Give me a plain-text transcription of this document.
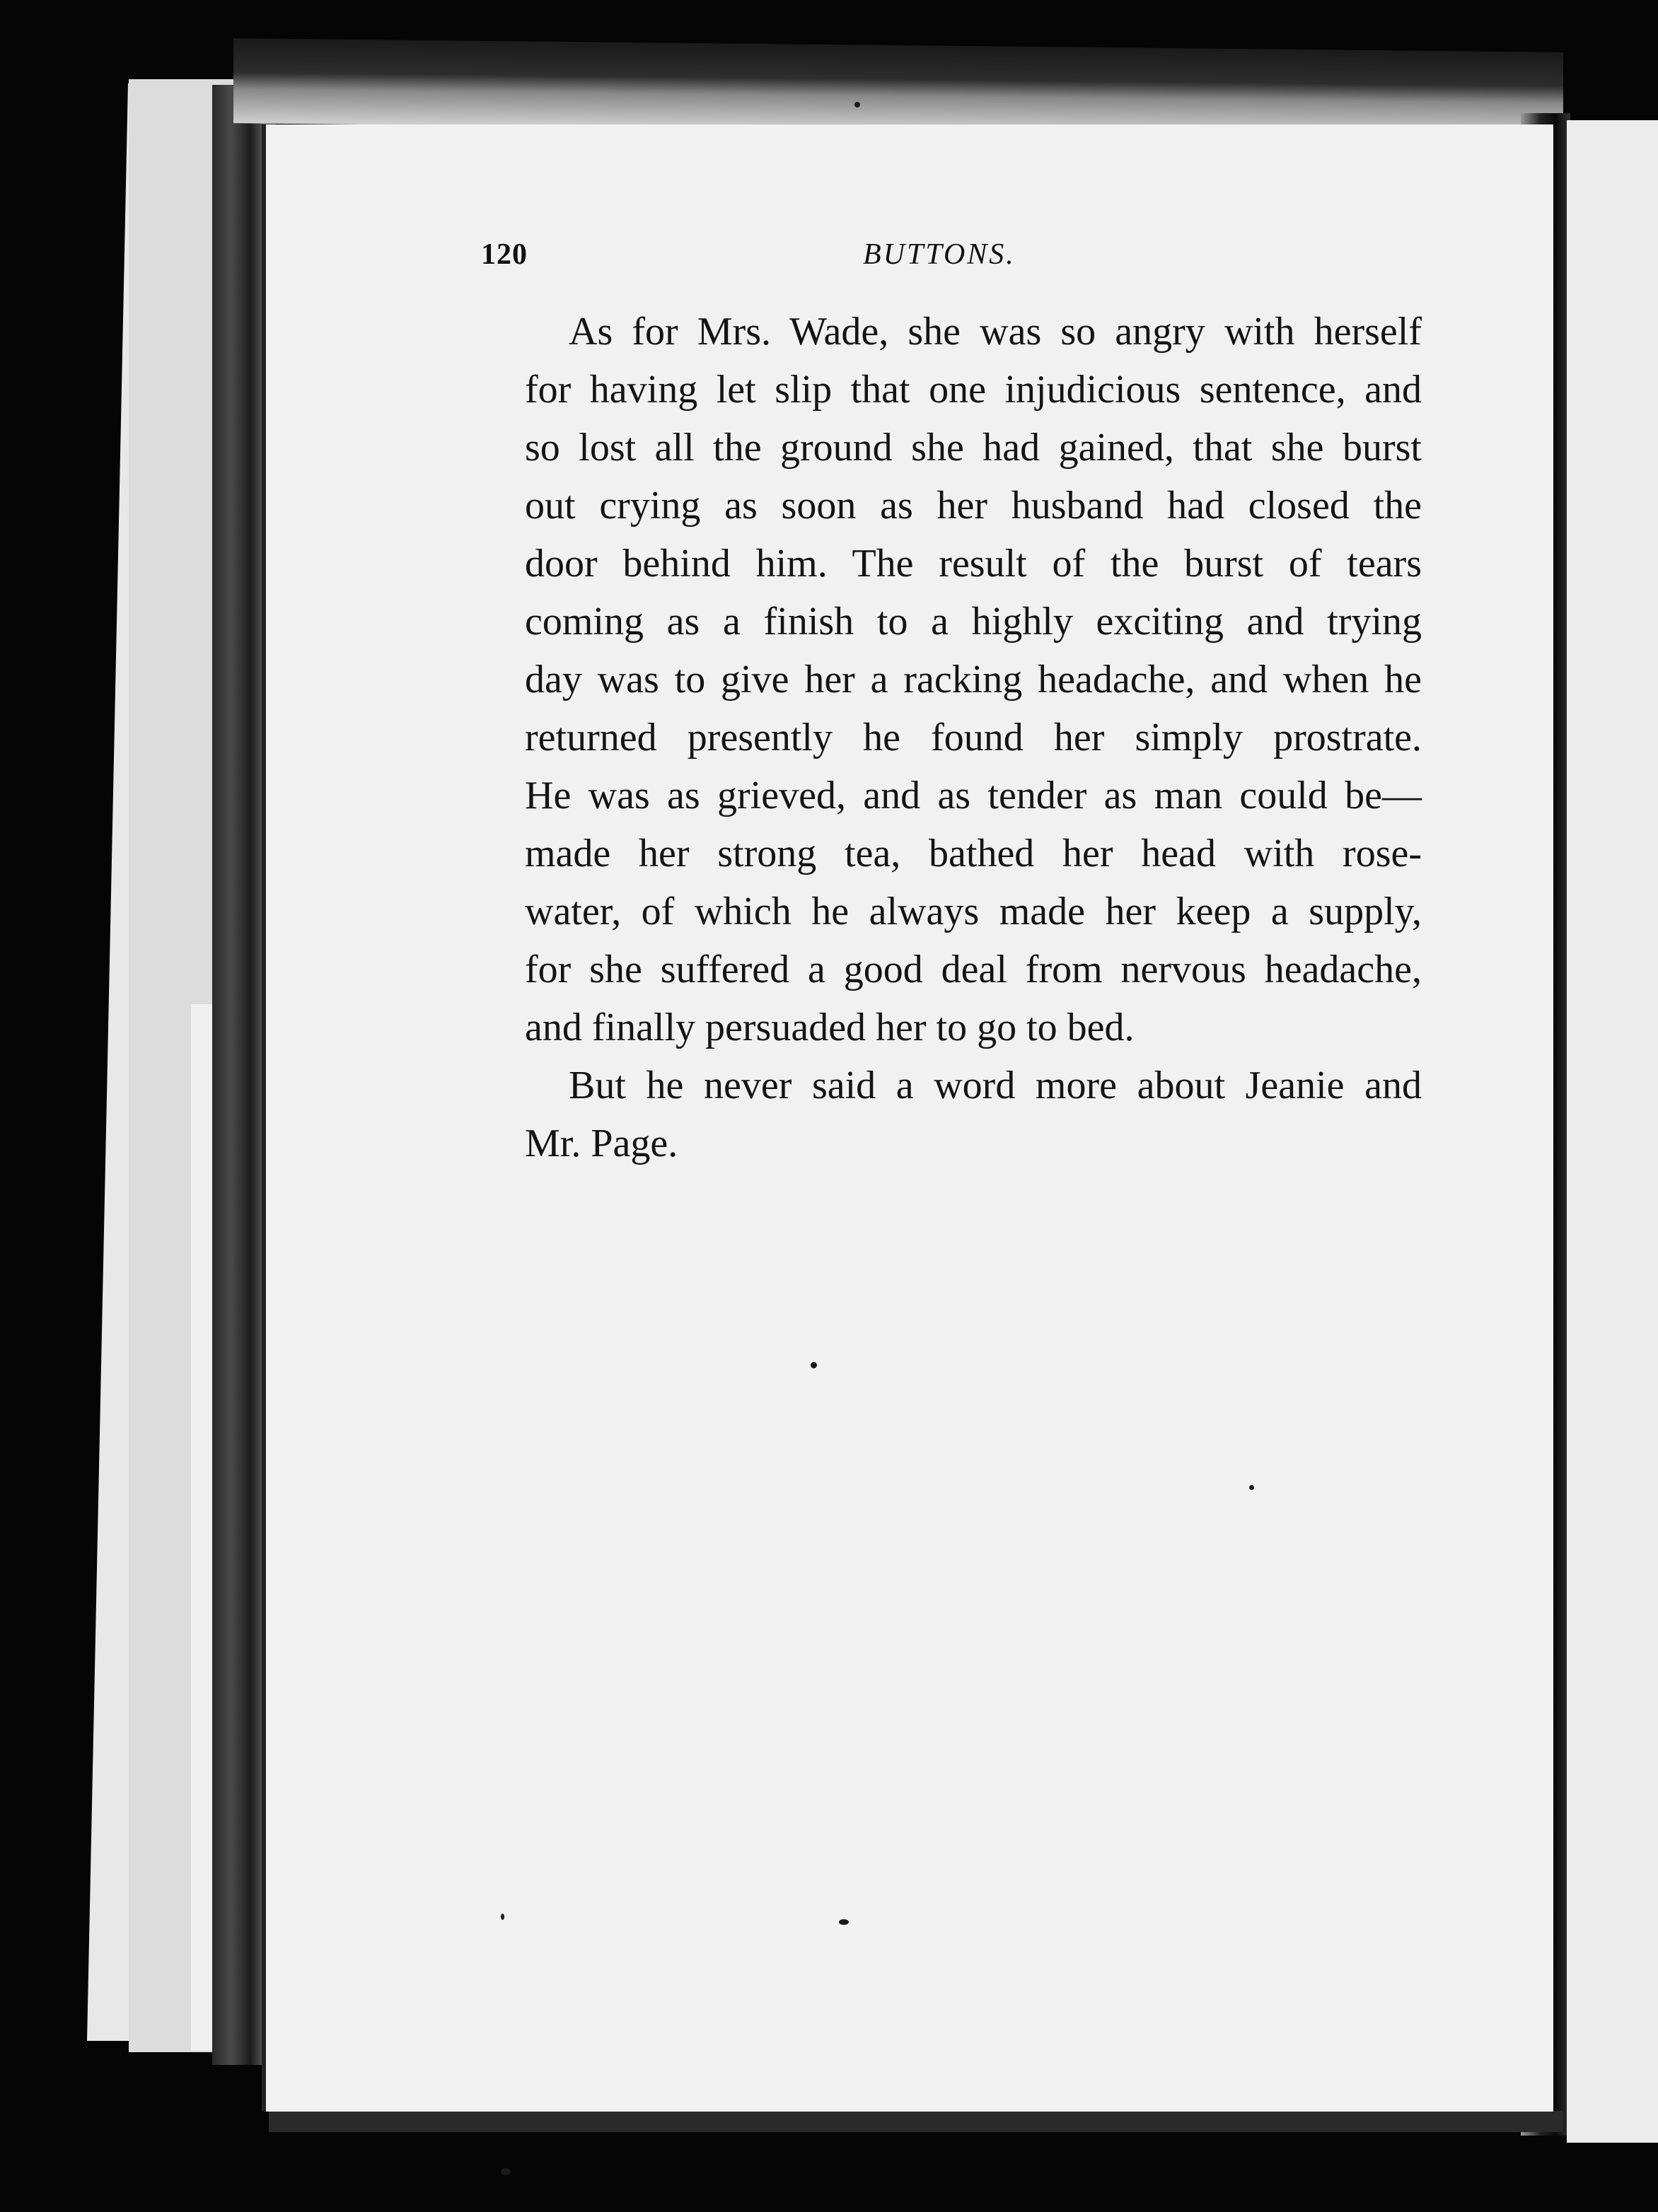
120	BUTTONS.
As for Mrs. Wade, she was so angry with herself
for having let slip that one injudicious sentence, and
so lost all the ground she had gained, that she burst
out crying as soon as her husband had closed the
door behind him. The result of the burst of tears
coming as a finish to a highly exciting and trying
day was to give her a racking headache, and when he
returned presently he found her simply prostrate.
He was as grieved, and as tender as man could be—
made her strong tea, bathed her head with rose-
water, of which he always made her keep a supply,
for she suffered a good deal from nervous headache,
and finally persuaded her to go to bed.
But he never said a word more about Jeanie and
Mr. Page.
